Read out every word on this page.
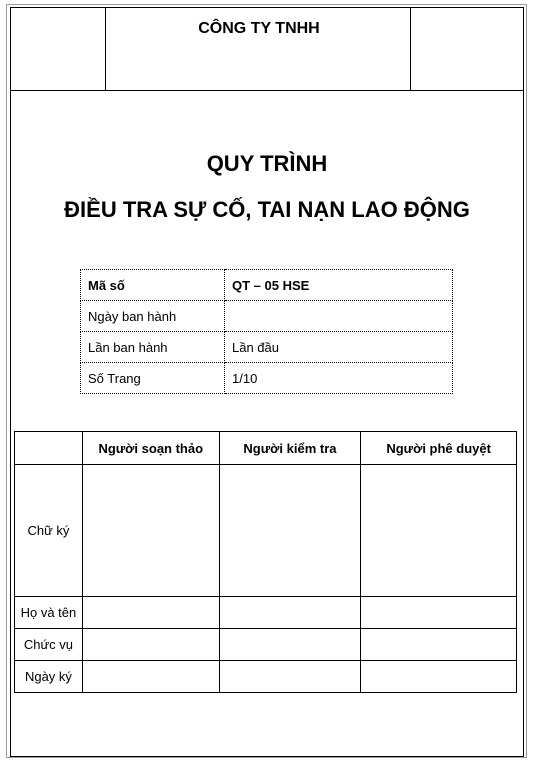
CÔNG TY TNHH
QUY TRÌNH
ĐIỀU TRA SỰ CỐ, TAI NẠN LAO ĐỘNG
Mã số	QT – 05 HSE
Ngày ban hành	
Lần ban hành	Lần đầu
Số Trang	1/10
	Người soạn thảo	Người kiểm tra	Người phê duyệt
Chữ ký			
Họ và tên			
Chức vụ			
Ngày ký			
